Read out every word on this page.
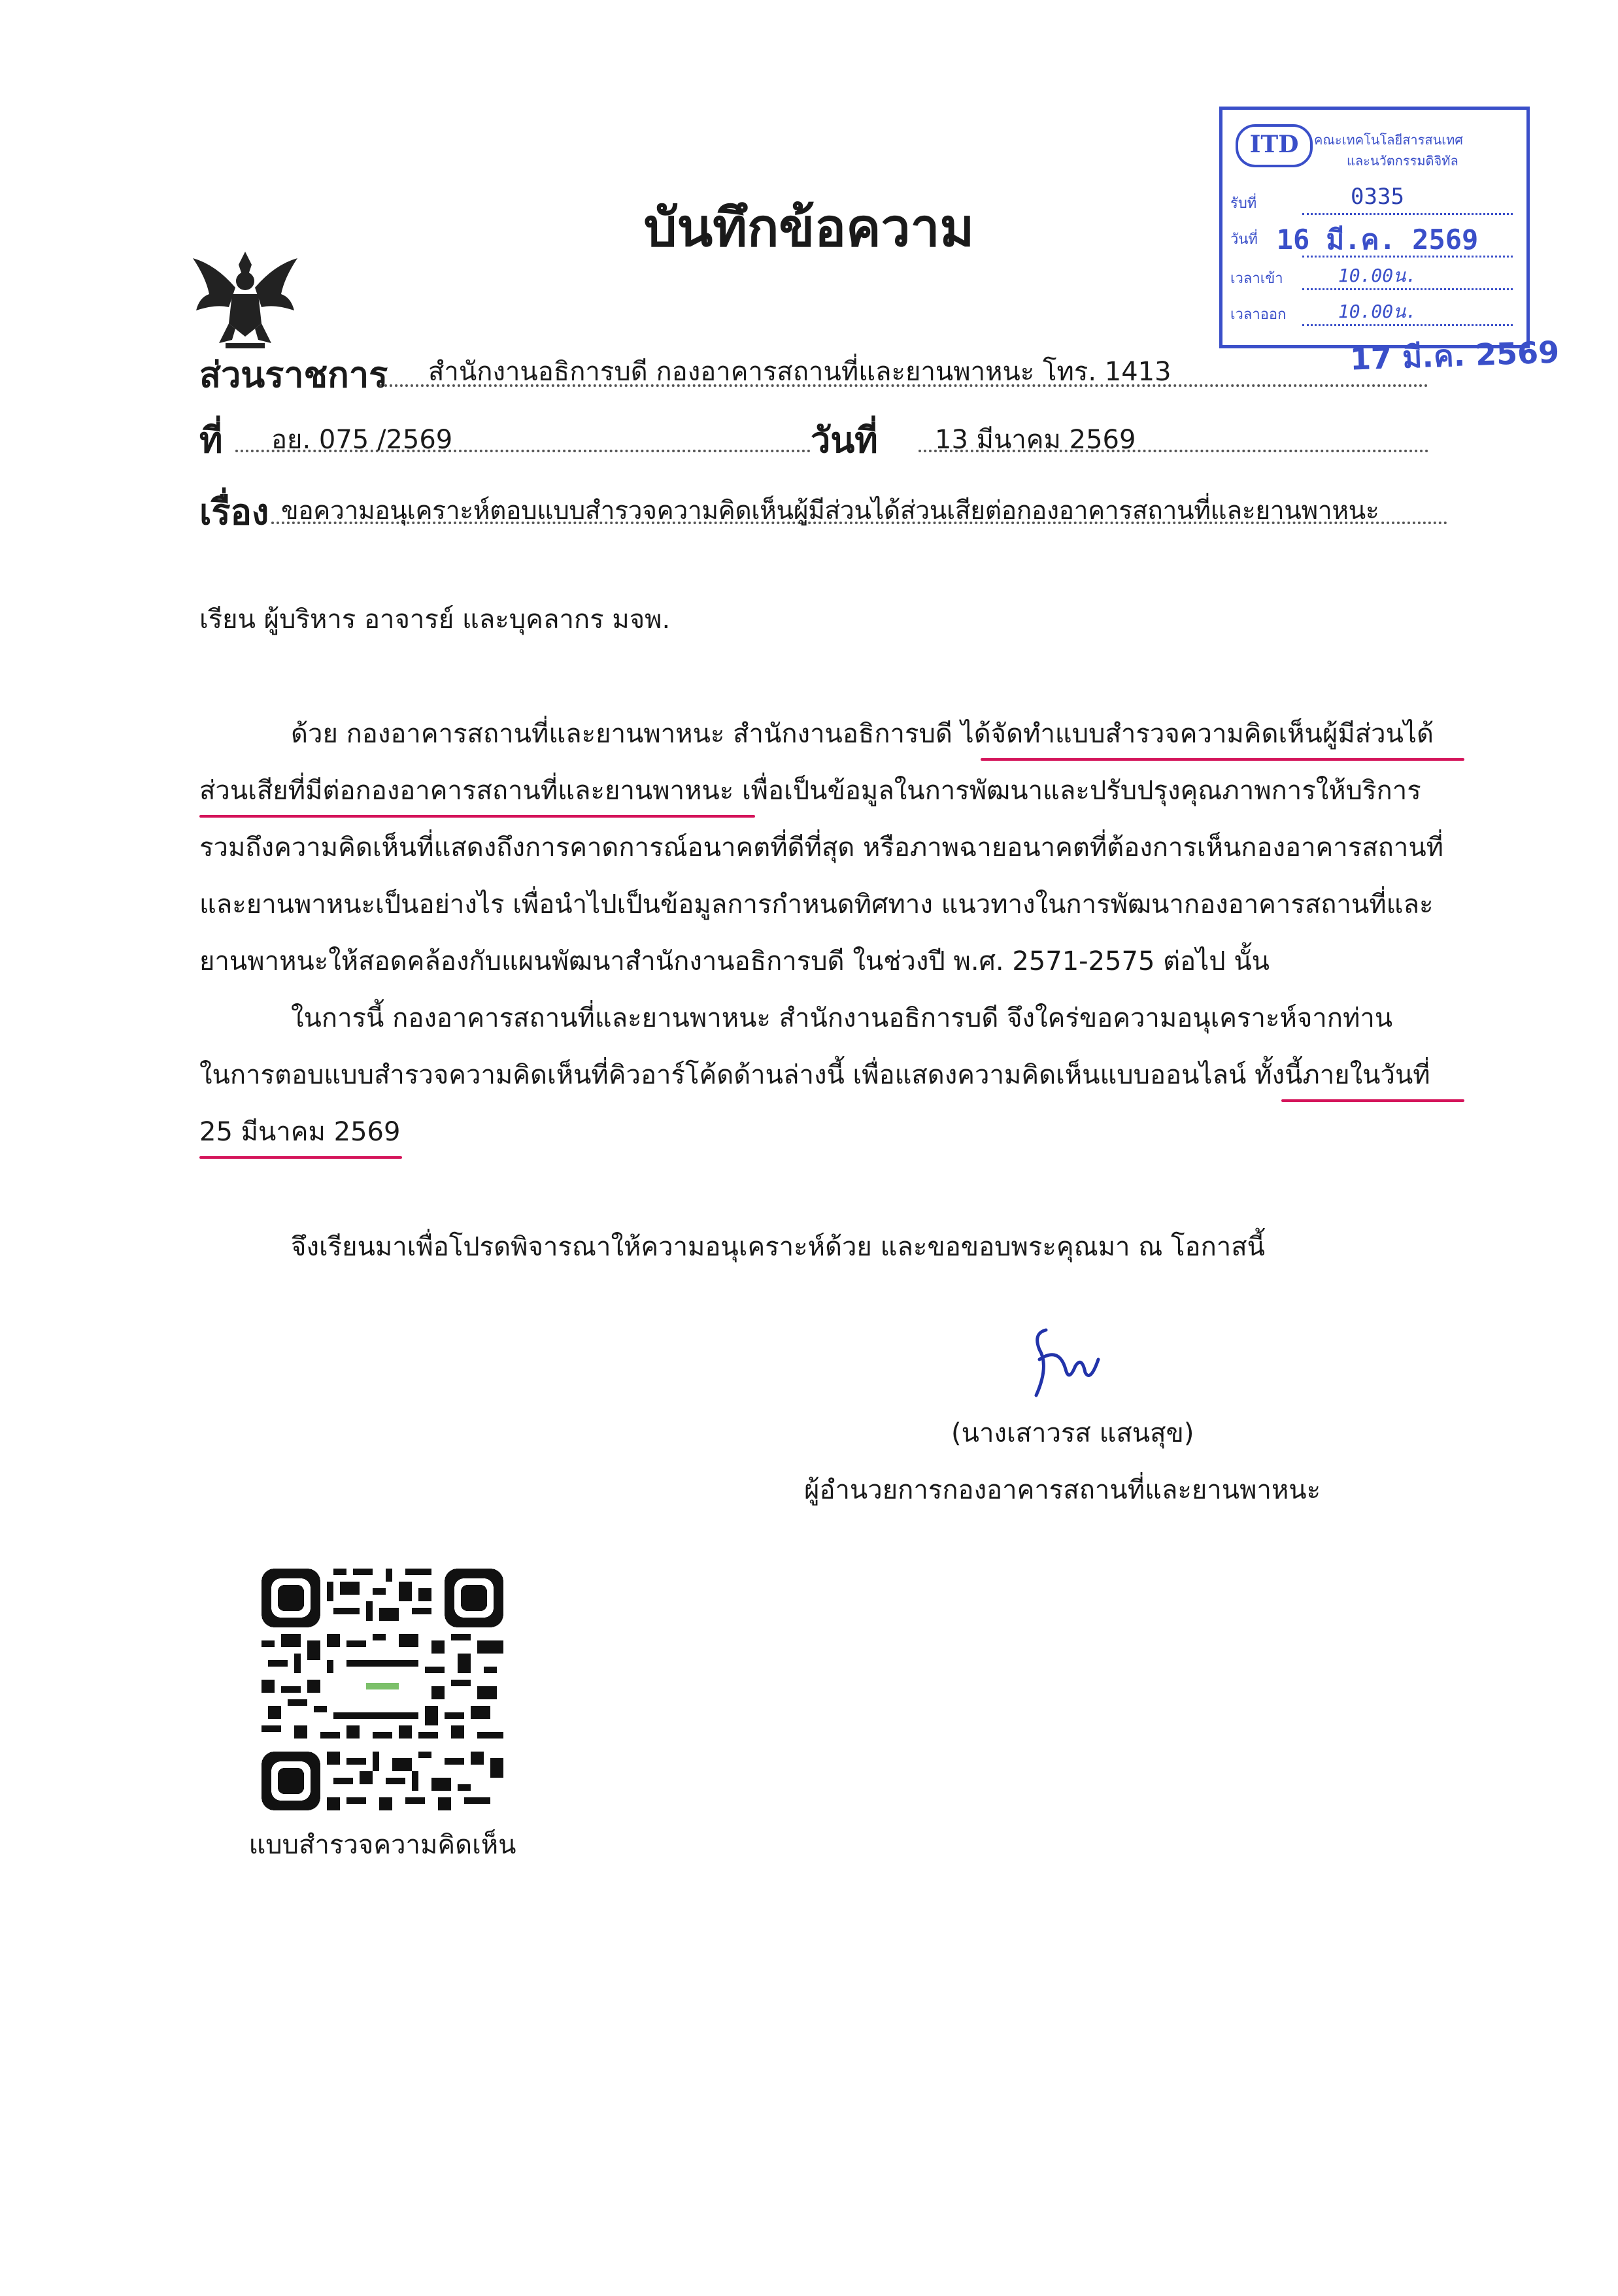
บันทึกข้อความ
ITD	คณะเทคโนโลยีสารสนเทศ
และนวัตกรรมดิจิทัล
รับที่	0335
วันที่ 16 มี.ค. 2569
เวลาเข้า	10.00น.
เวลาออก	10.00น.
17 มี.ค. 2569
ส่วนราชการ สำนักงานอธิการบดี กองอาคารสถานที่และยานพาหนะ โทร. 1413
ที่ อย. 075 /2569	วันที่ 13 มีนาคม 2569
เรื่อง ขอความอนุเคราะห์ตอบแบบสำรวจความคิดเห็นผู้มีส่วนได้ส่วนเสียต่อกองอาคารสถานที่และยานพาหนะ
เรียน ผู้บริหาร อาจารย์ และบุคลากร มจพ.
ด้วย กองอาคารสถานที่และยานพาหนะ สำนักงานอธิการบดี ได้จัดทำแบบสำรวจความคิดเห็นผู้มีส่วนได้
ส่วนเสียที่มีต่อกองอาคารสถานที่และยานพาหนะ เพื่อเป็นข้อมูลในการพัฒนาและปรับปรุงคุณภาพการให้บริการ
รวมถึงความคิดเห็นที่แสดงถึงการคาดการณ์อนาคตที่ดีที่สุด หรือภาพฉายอนาคตที่ต้องการเห็นกองอาคารสถานที่
และยานพาหนะเป็นอย่างไร เพื่อนำไปเป็นข้อมูลการกำหนดทิศทาง แนวทางในการพัฒนากองอาคารสถานที่และ
ยานพาหนะให้สอดคล้องกับแผนพัฒนาสำนักงานอธิการบดี ในช่วงปี พ.ศ. 2571-2575 ต่อไป นั้น
ในการนี้ กองอาคารสถานที่และยานพาหนะ สำนักงานอธิการบดี จึงใคร่ขอความอนุเคราะห์จากท่าน
ในการตอบแบบสำรวจความคิดเห็นที่คิวอาร์โค้ดด้านล่างนี้ เพื่อแสดงความคิดเห็นแบบออนไลน์ ทั้งนี้ภายในวันที่
25 มีนาคม 2569
จึงเรียนมาเพื่อโปรดพิจารณาให้ความอนุเคราะห์ด้วย และขอขอบพระคุณมา ณ โอกาสนี้
(นางเสาวรส แสนสุข)
ผู้อำนวยการกองอาคารสถานที่และยานพาหนะ
แบบสำรวจความคิดเห็น
